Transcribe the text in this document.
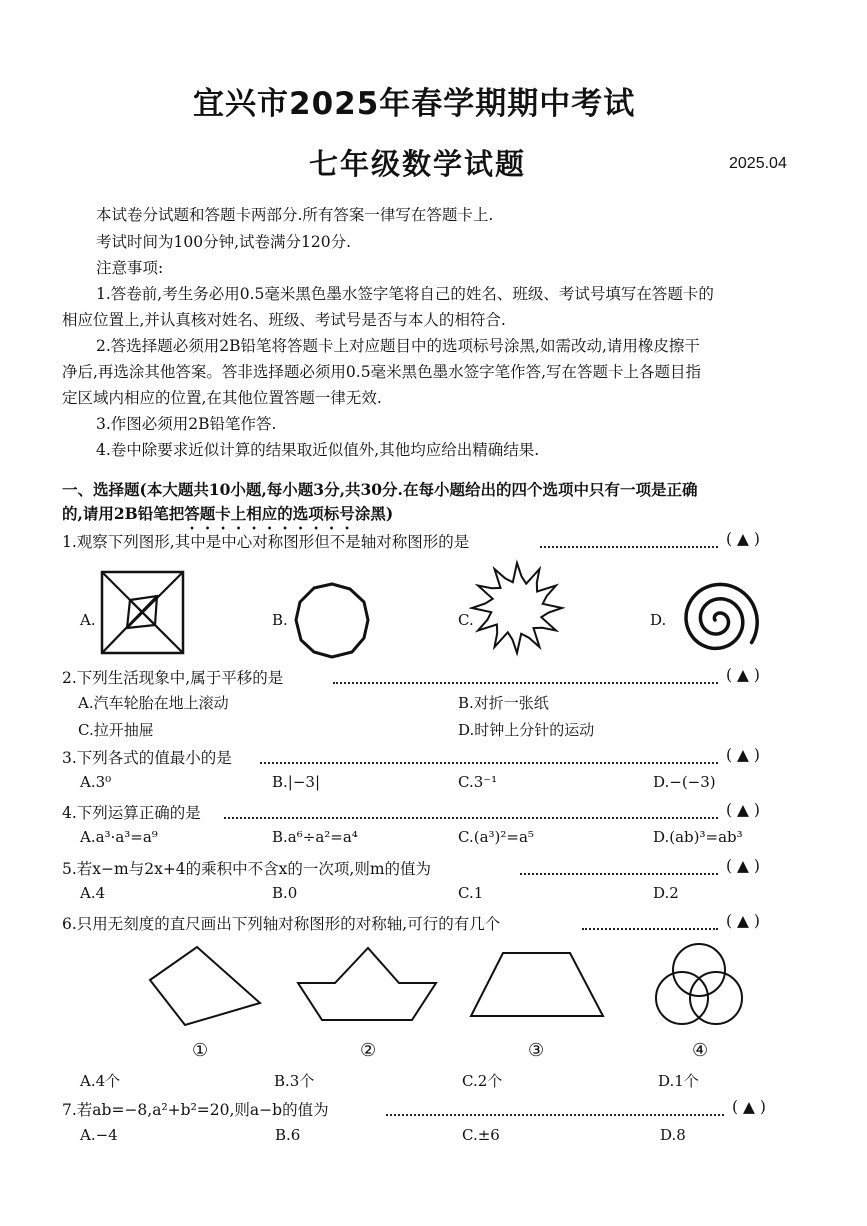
宜兴市2025年春学期期中考试
七年级数学试题	2025.04
本试卷分试题和答题卡两部分.所有答案一律写在答题卡上.
考试时间为100分钟,试卷满分120分.
注意事项:
1.答卷前,考生务必用0.5毫米黑色墨水签字笔将自己的姓名、班级、考试号填写在答题卡的
相应位置上,并认真核对姓名、班级、考试号是否与本人的相符合.
2.答选择题必须用2B铅笔将答题卡上对应题目中的选项标号涂黑,如需改动,请用橡皮擦干
净后,再选涂其他答案。答非选择题必须用0.5毫米黑色墨水签字笔作答,写在答题卡上各题目指
定区域内相应的位置,在其他位置答题一律无效.
3.作图必须用2B铅笔作答.
4.卷中除要求近似计算的结果取近似值外,其他均应给出精确结果.
一、选择题(本大题共10小题,每小题3分,共30分.在每小题给出的四个选项中只有一项是正确
的,请用2B铅笔把答题卡上相应的选项标号涂黑)
1.观察下列图形,其中是中心对称图形但不是轴对称图形的是	( ▲ )
A.	B.	C.	D.
2.下列生活现象中,属于平移的是	( ▲ )
A.汽车轮胎在地上滚动	B.对折一张纸
C.拉开抽屉	D.时钟上分针的运动
3.下列各式的值最小的是	( ▲ )
A.3⁰	B.|−3|	C.3⁻¹	D.−(−3)
4.下列运算正确的是	( ▲ )
A.a³·a³=a⁹	B.a⁶÷a²=a⁴	C.(a³)²=a⁵	D.(ab)³=ab³
5.若x−m与2x+4的乘积中不含x的一次项,则m的值为	( ▲ )
A.4	B.0	C.1	D.2
6.只用无刻度的直尺画出下列轴对称图形的对称轴,可行的有几个	( ▲ )
①	②	③	④
A.4个	B.3个	C.2个	D.1个
7.若ab=−8,a²+b²=20,则a−b的值为	( ▲ )
A.−4	B.6	C.±6	D.8
